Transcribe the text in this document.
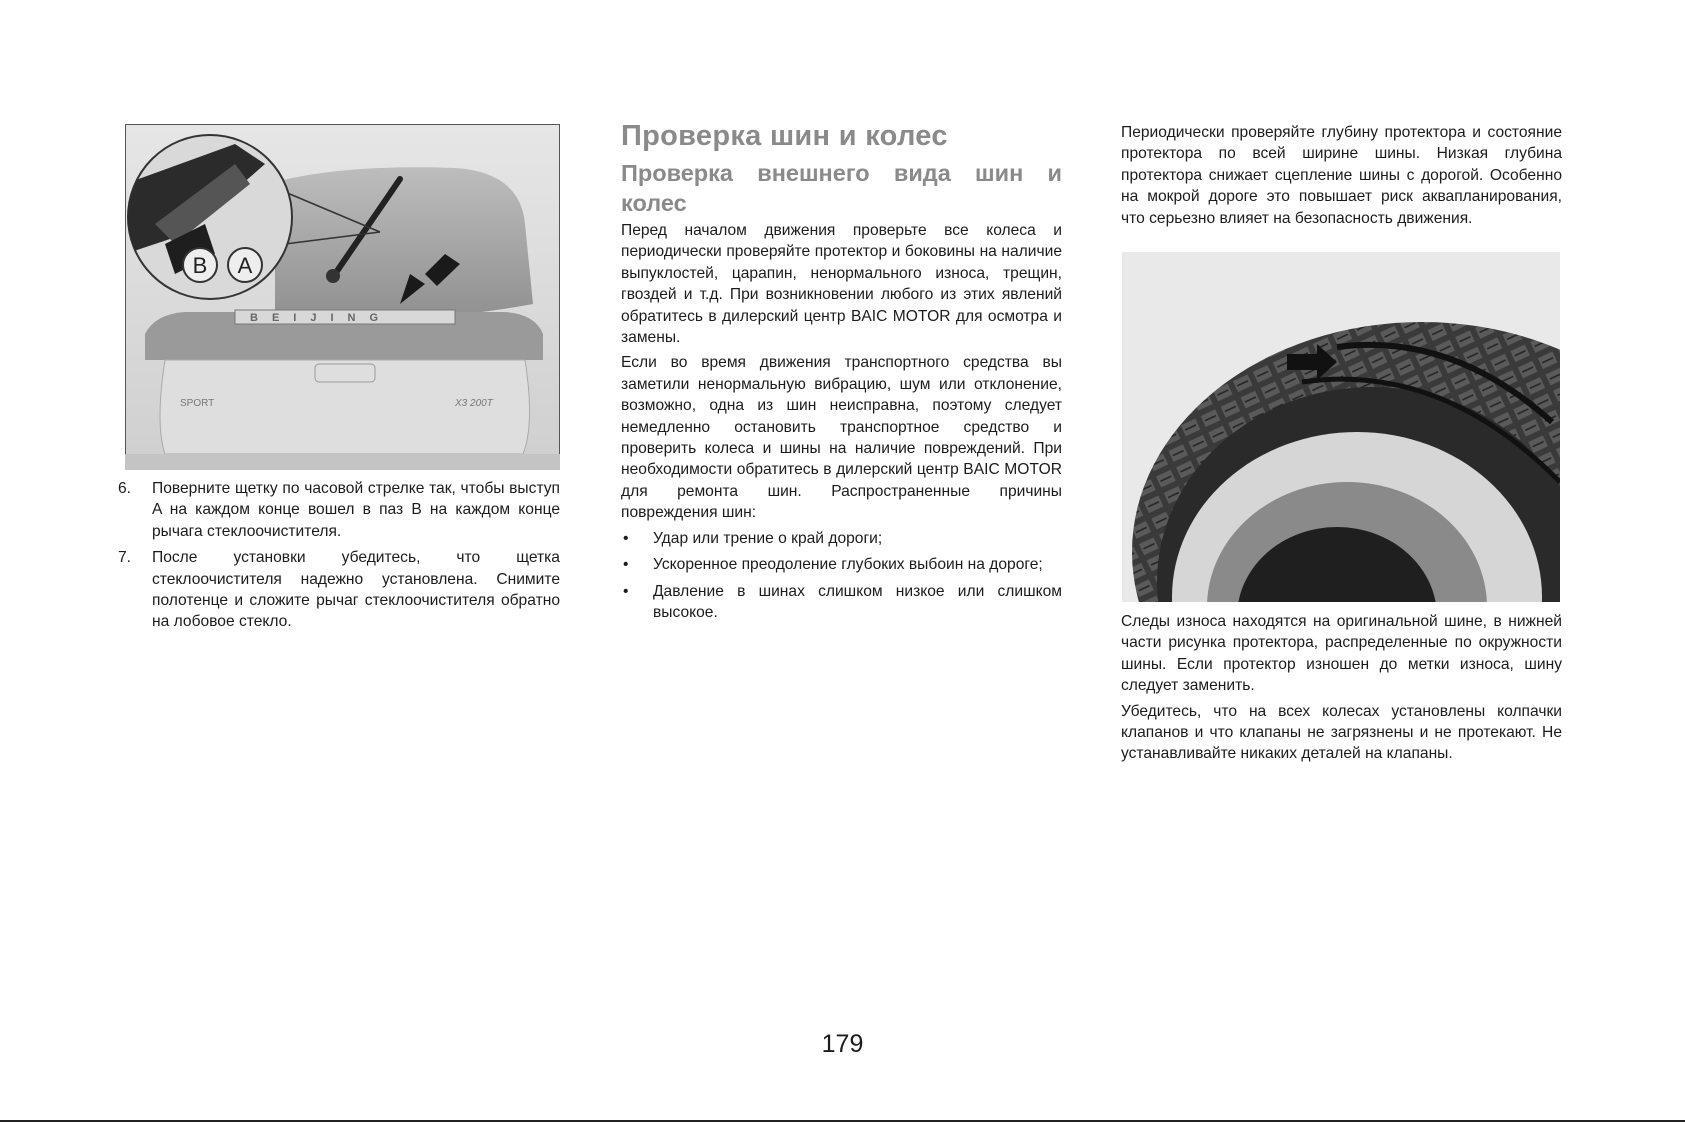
BEIJING
SPORT	X3 200T
B A
6. Поверните щетку по часовой стрелке так, чтобы выступ A на каждом конце вошел в паз B на каждом конце рычага стеклоочистителя.
7. После установки убедитесь, что щетка стеклоочистителя надежно установлена. Снимите полотенце и сложите рычаг стеклоочистителя обратно на лобовое стекло.
Проверка шин и колес
Проверка внешнего вида шин и колес

Перед началом движения проверьте все колеса и периодически проверяйте протектор и боковины на наличие выпуклостей, царапин, ненормального износа, трещин, гвоздей и т.д. При возникновении любого из этих явлений обратитесь в дилерский центр BAIC MOTOR для осмотра и замены.

Если во время движения транспортного средства вы заметили ненормальную вибрацию, шум или отклонение, возможно, одна из шин неисправна, поэтому следует немедленно остановить транспортное средство и проверить колеса и шины на наличие повреждений. При необходимости обратитесь в дилерский центр BAIC MOTOR для ремонта шин. Распространенные причины повреждения шин:

• Удар или трение о край дороги;
• Ускоренное преодоление глубоких выбоин на дороге;
• Давление в шинах слишком низкое или слишком высокое.

Периодически проверяйте глубину протектора и состояние протектора по всей ширине шины. Низкая глубина протектора снижает сцепление шины с дорогой. Особенно на мокрой дороге это повышает риск аквапланирования, что серьезно влияет на безопасность движения.

Следы износа находятся на оригинальной шине, в нижней части рисунка протектора, распределенные по окружности шины. Если протектор изношен до метки износа, шину следует заменить.

Убедитесь, что на всех колесах установлены колпачки клапанов и что клапаны не загрязнены и не протекают. Не устанавливайте никаких деталей на клапаны.

179
